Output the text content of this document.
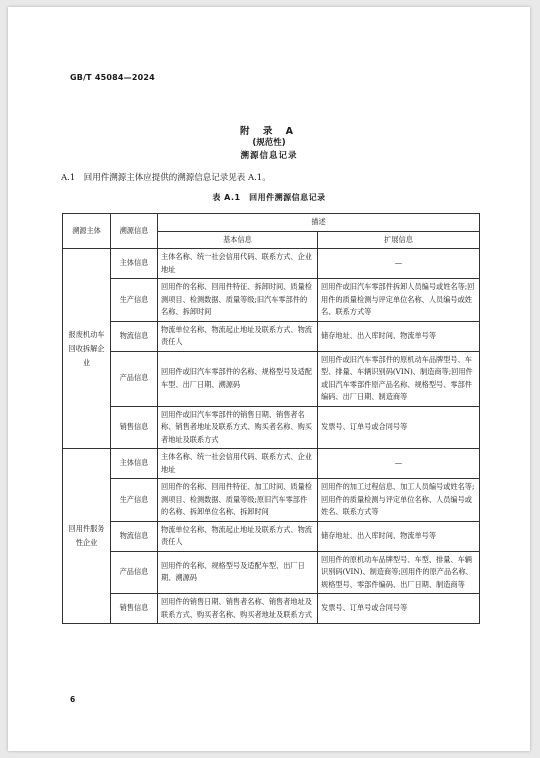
GB/T 45084—2024
附 录 A
(规范性)
溯源信息记录
A.1　回用件溯源主体应提供的溯源信息记录见表 A.1。
表 A.1　回用件溯源信息记录
溯源主体	溯源信息	描述	
		基本信息	扩展信息
报废机动车回收拆解企业	主体信息	主体名称、统一社会信用代码、联系方式、企业地址	—
	生产信息	回用件的名称、回用件特征、拆卸时间、质量检测项目、检测数据、质量等级;旧汽车零部件的名称、拆卸时间	回用件或旧汽车零部件拆卸人员编号或姓名等;回用件的质量检测与评定单位名称、人员编号或姓名、联系方式等
	物流信息	物流单位名称、物流起止地址及联系方式、物流责任人	储存地址、出入库时间、物流单号等
	产品信息	回用件或旧汽车零部件的名称、规格型号及适配车型、出厂日期、溯源码	回用件或旧汽车零部件的原机动车品牌型号、车型、排量、车辆识别码(VIN)、制造商等;回用件或旧汽车零部件原产品名称、规格型号、零部件编码、出厂日期、制造商等
	销售信息	回用件或旧汽车零部件的销售日期、销售者名称、销售者地址及联系方式、购买者名称、购买者地址及联系方式	发票号、订单号或合同号等
回用件服务性企业	主体信息	主体名称、统一社会信用代码、联系方式、企业地址	—
	生产信息	回用件的名称、回用件特征、加工时间、质量检测项目、检测数据、质量等级;原旧汽车零部件的名称、拆卸单位名称、拆卸时间	回用件的加工过程信息、加工人员编号或姓名等;回用件的质量检测与评定单位名称、人员编号或姓名、联系方式等
	物流信息	物流单位名称、物流起止地址及联系方式、物流责任人	储存地址、出入库时间、物流单号等
	产品信息	回用件的名称、规格型号及适配车型、出厂日期、溯源码	回用件的原机动车品牌型号、车型、排量、车辆识别码(VIN)、制造商等;回用件的原产品名称、规格型号、零部件编码、出厂日期、制造商等
	销售信息	回用件的销售日期、销售者名称、销售者地址及联系方式、购买者名称、购买者地址及联系方式	发票号、订单号或合同号等
6
